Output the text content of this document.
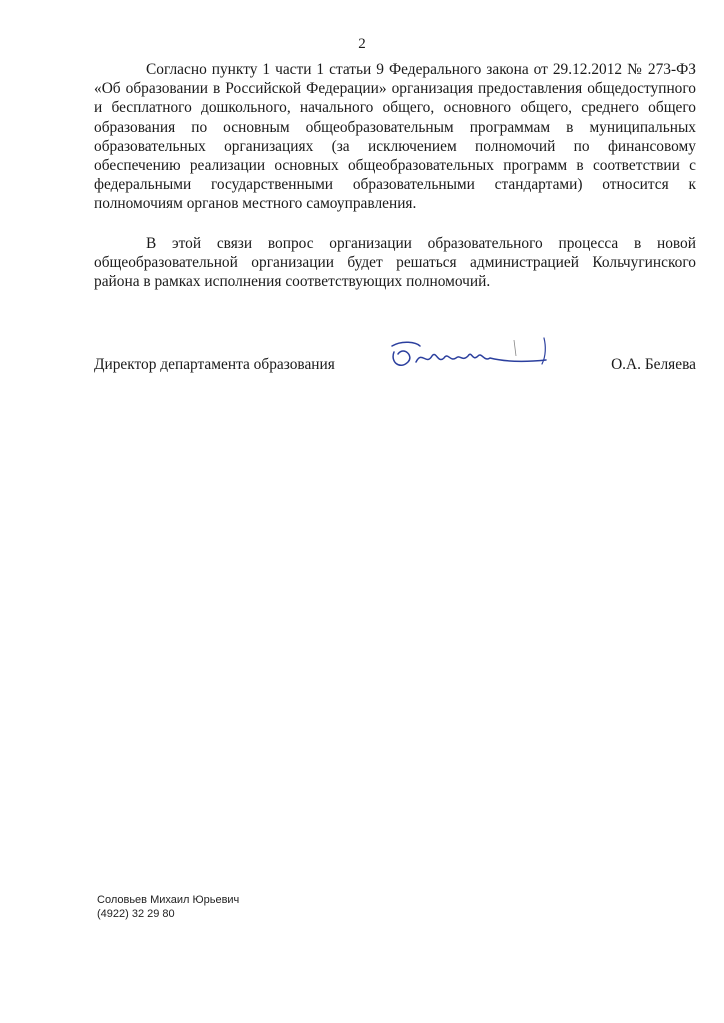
2

Согласно пункту 1 части 1 статьи 9 Федерального закона от 29.12.2012 № 273-ФЗ «Об образовании в Российской Федерации» организация предоставления общедоступного и бесплатного дошкольного, начального общего, основного общего, среднего общего образования по основным общеобразовательным программам в муниципальных образовательных организациях (за исключением полномочий по финансовому обеспечению реализации основных общеобразовательных программ в соответствии с федеральными государственными образовательными стандартами) относится к полномочиям органов местного самоуправления.

В этой связи вопрос организации образовательного процесса в новой общеобразовательной организации будет решаться администрацией Кольчугинского района в рамках исполнения соответствующих полномочий.

Директор департамента образования	О.А. Беляева
Соловьев Михаил Юрьевич
(4922) 32 29 80
